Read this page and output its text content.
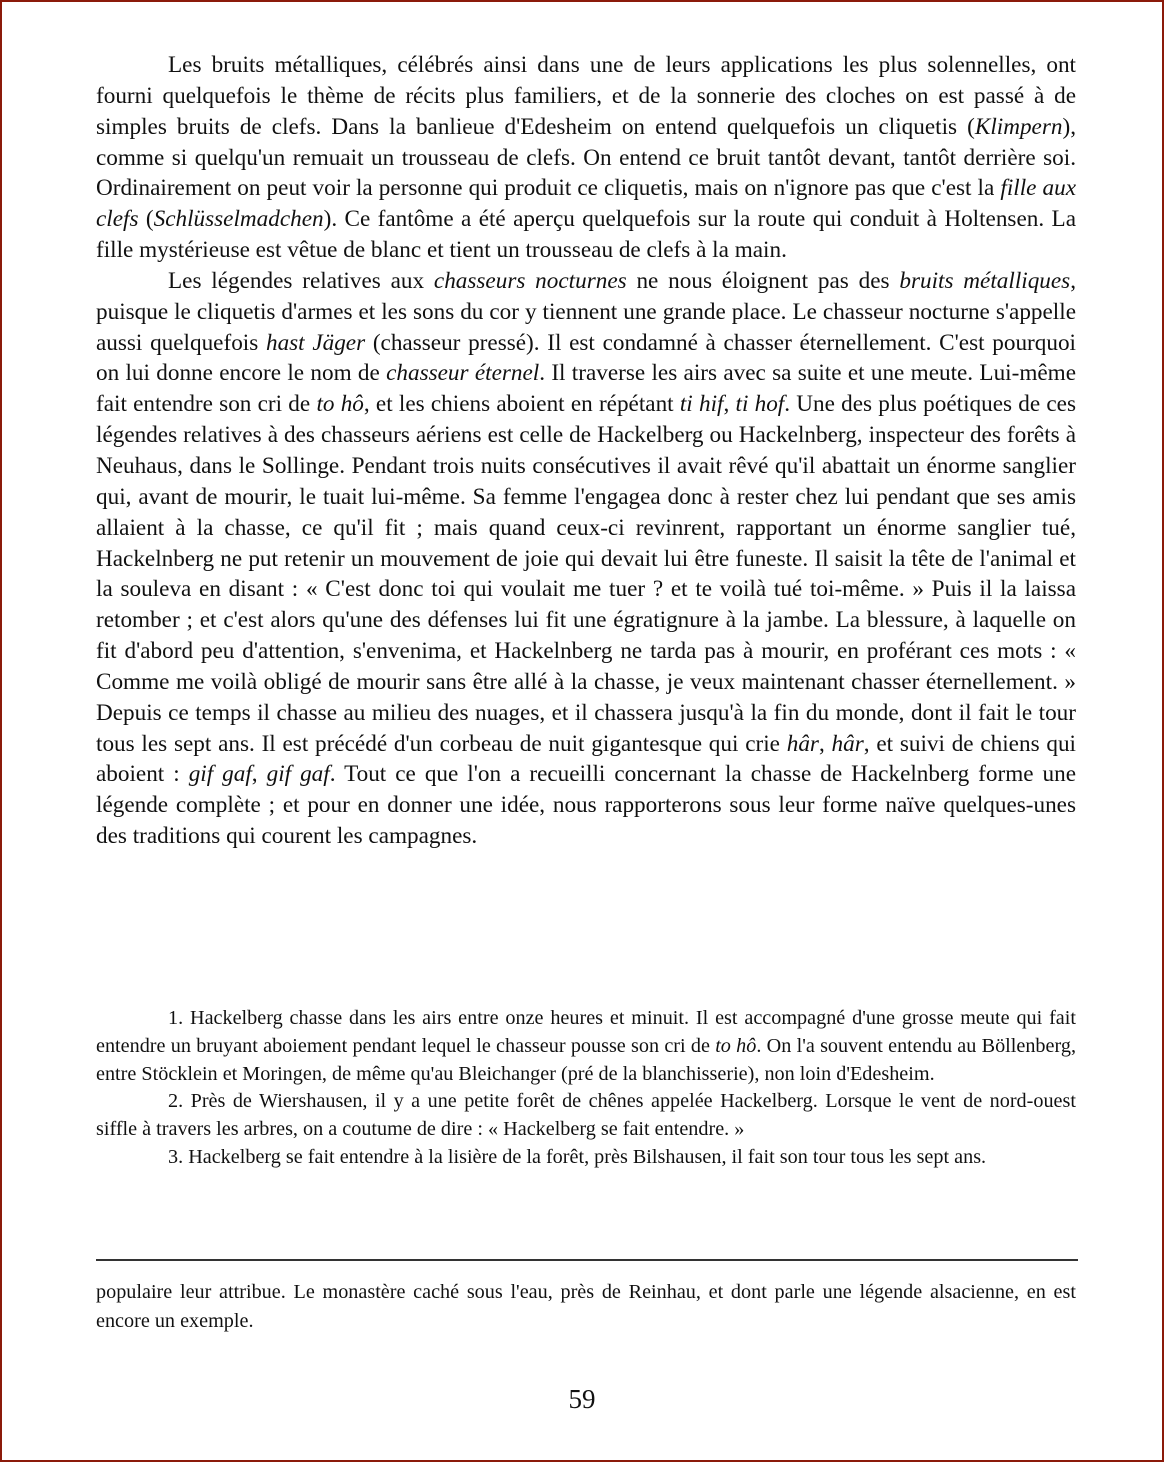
Les bruits métalliques, célébrés ainsi dans une de leurs applications les plus solennelles, ont fourni quelquefois le thème de récits plus familiers, et de la sonnerie des cloches on est passé à de simples bruits de clefs. Dans la banlieue d'Edesheim on entend quelquefois un cliquetis (Klimpern), comme si quelqu'un remuait un trousseau de clefs. On entend ce bruit tantôt devant, tantôt derrière soi. Ordinairement on peut voir la personne qui produit ce cliquetis, mais on n'ignore pas que c'est la fille aux clefs (Schlüsselmadchen). Ce fantôme a été aperçu quelquefois sur la route qui conduit à Holtensen. La fille mystérieuse est vêtue de blanc et tient un trousseau de clefs à la main.

Les légendes relatives aux chasseurs nocturnes ne nous éloignent pas des bruits métalliques, puisque le cliquetis d'armes et les sons du cor y tiennent une grande place. Le chasseur nocturne s'appelle aussi quelquefois hast Jäger (chasseur pressé). Il est condamné à chasser éternellement. C'est pourquoi on lui donne encore le nom de chasseur éternel. Il traverse les airs avec sa suite et une meute. Lui-même fait entendre son cri de to hô, et les chiens aboient en répétant ti hif, ti hof. Une des plus poétiques de ces légendes relatives à des chasseurs aériens est celle de Hackelberg ou Hackelnberg, inspecteur des forêts à Neuhaus, dans le Sollinge. Pendant trois nuits consécutives il avait rêvé qu'il abattait un énorme sanglier qui, avant de mourir, le tuait lui-même. Sa femme l'engagea donc à rester chez lui pendant que ses amis allaient à la chasse, ce qu'il fit ; mais quand ceux-ci revinrent, rapportant un énorme sanglier tué, Hackelnberg ne put retenir un mouvement de joie qui devait lui être funeste. Il saisit la tête de l'animal et la souleva en disant : « C'est donc toi qui voulait me tuer ? et te voilà tué toi-même. » Puis il la laissa retomber ; et c'est alors qu'une des défenses lui fit une égratignure à la jambe. La blessure, à laquelle on fit d'abord peu d'attention, s'envenima, et Hackelnberg ne tarda pas à mourir, en proférant ces mots : « Comme me voilà obligé de mourir sans être allé à la chasse, je veux maintenant chasser éternellement. » Depuis ce temps il chasse au milieu des nuages, et il chassera jusqu'à la fin du monde, dont il fait le tour tous les sept ans. Il est précédé d'un corbeau de nuit gigantesque qui crie hâr, hâr, et suivi de chiens qui aboient : gif gaf, gif gaf. Tout ce que l'on a recueilli concernant la chasse de Hackelnberg forme une légende complète ; et pour en donner une idée, nous rapporterons sous leur forme naïve quelques-unes des traditions qui courent les campagnes.

1. Hackelberg chasse dans les airs entre onze heures et minuit. Il est accompagné d'une grosse meute qui fait entendre un bruyant aboiement pendant lequel le chasseur pousse son cri de to hô. On l'a souvent entendu au Böllenberg, entre Stöcklein et Moringen, de même qu'au Bleichanger (pré de la blanchisserie), non loin d'Edesheim.

2. Près de Wiershausen, il y a une petite forêt de chênes appelée Hackelberg. Lorsque le vent de nord-ouest siffle à travers les arbres, on a coutume de dire : « Hackelberg se fait entendre. »

3. Hackelberg se fait entendre à la lisière de la forêt, près Bilshausen, il fait son tour tous les sept ans.

populaire leur attribue. Le monastère caché sous l'eau, près de Reinhau, et dont parle une légende alsacienne, en est encore un exemple.

59
